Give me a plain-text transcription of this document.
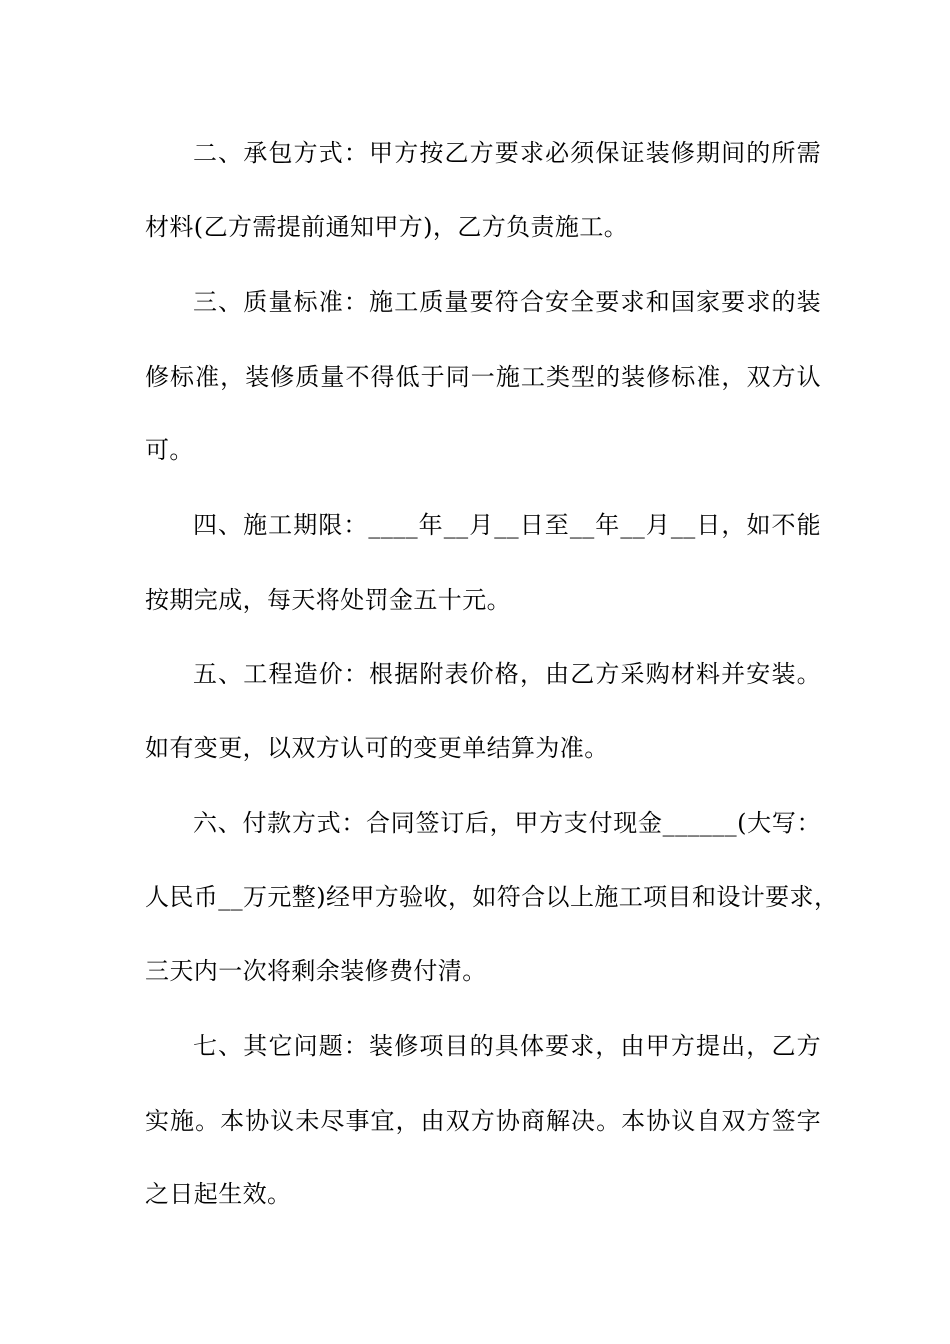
二、承包方式：甲方按乙方要求必须保证装修期间的所需
材料(乙方需提前通知甲方)，乙方负责施工。
三、质量标准：施工质量要符合安全要求和国家要求的装
修标准，装修质量不得低于同一施工类型的装修标准，双方认
可。
四、施工期限：____年__月__日至__年__月__日，如不能
按期完成，每天将处罚金五十元。
五、工程造价：根据附表价格，由乙方采购材料并安装。
如有变更，以双方认可的变更单结算为准。
六、付款方式：合同签订后，甲方支付现金______(大写：
人民币__万元整)经甲方验收，如符合以上施工项目和设计要求，
三天内一次将剩余装修费付清。
七、其它问题：装修项目的具体要求，由甲方提出，乙方
实施。本协议未尽事宜，由双方协商解决。本协议自双方签字
之日起生效。
